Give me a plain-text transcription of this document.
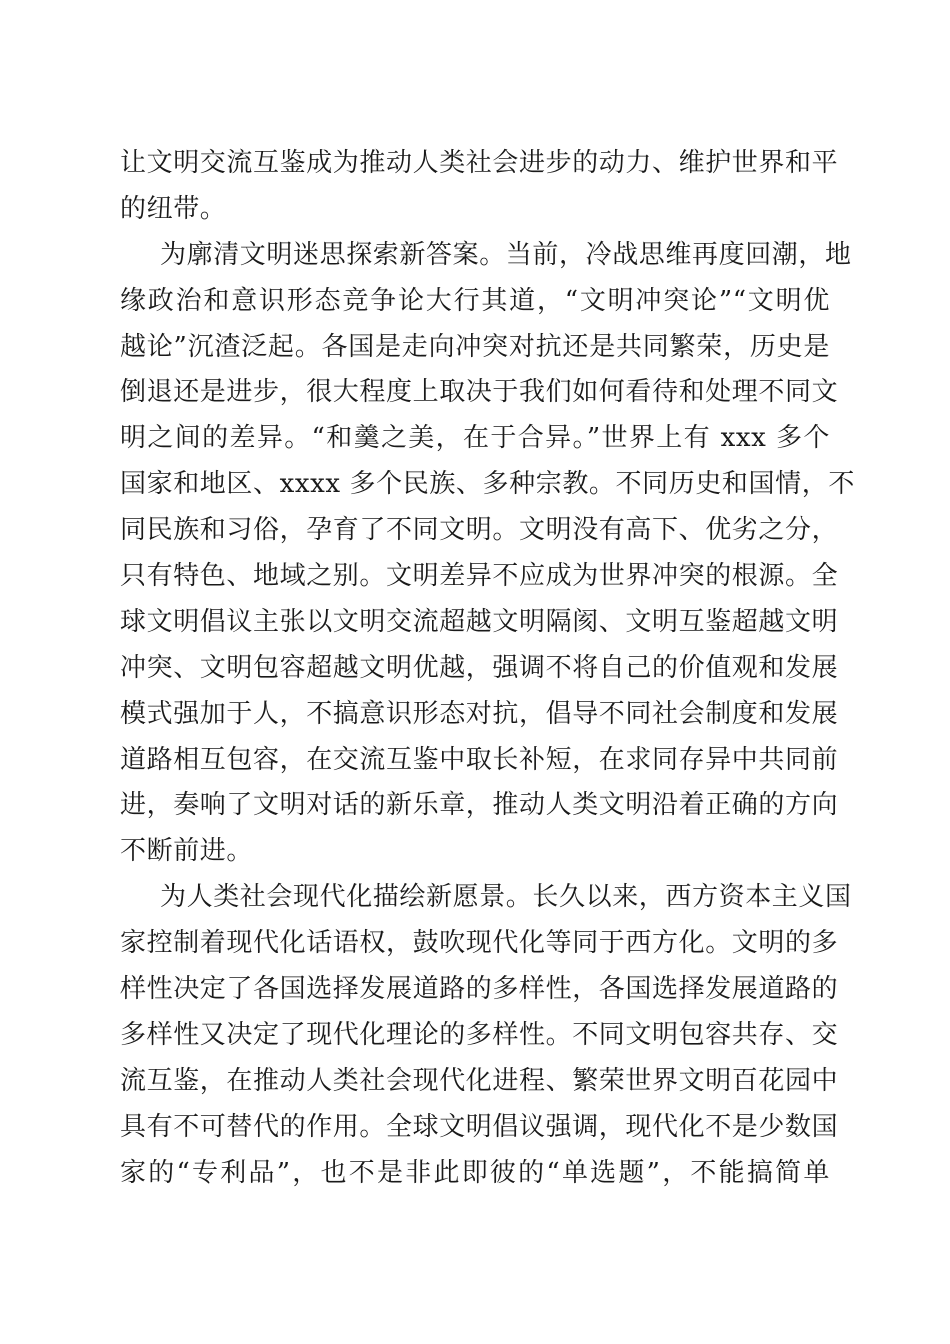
让文明交流互鉴成为推动人类社会进步的动力、维护世界和平
的纽带。
为廓清文明迷思探索新答案。当前，冷战思维再度回潮，地
缘政治和意识形态竞争论大行其道，“文明冲突论”“文明优
越论”沉渣泛起。各国是走向冲突对抗还是共同繁荣，历史是
倒退还是进步，很大程度上取决于我们如何看待和处理不同文
明之间的差异。“和羹之美，在于合异。”世界上有 xxx 多个
国家和地区、xxxx 多个民族、多种宗教。不同历史和国情，不
同民族和习俗，孕育了不同文明。文明没有高下、优劣之分，
只有特色、地域之别。文明差异不应成为世界冲突的根源。全
球文明倡议主张以文明交流超越文明隔阂、文明互鉴超越文明
冲突、文明包容超越文明优越，强调不将自己的价值观和发展
模式强加于人，不搞意识形态对抗，倡导不同社会制度和发展
道路相互包容，在交流互鉴中取长补短，在求同存异中共同前
进，奏响了文明对话的新乐章，推动人类文明沿着正确的方向
不断前进。
为人类社会现代化描绘新愿景。长久以来，西方资本主义国
家控制着现代化话语权，鼓吹现代化等同于西方化。文明的多
样性决定了各国选择发展道路的多样性，各国选择发展道路的
多样性又决定了现代化理论的多样性。不同文明包容共存、交
流互鉴，在推动人类社会现代化进程、繁荣世界文明百花园中
具有不可替代的作用。全球文明倡议强调，现代化不是少数国
家的“专利品”，也不是非此即彼的“单选题”，不能搞简单
